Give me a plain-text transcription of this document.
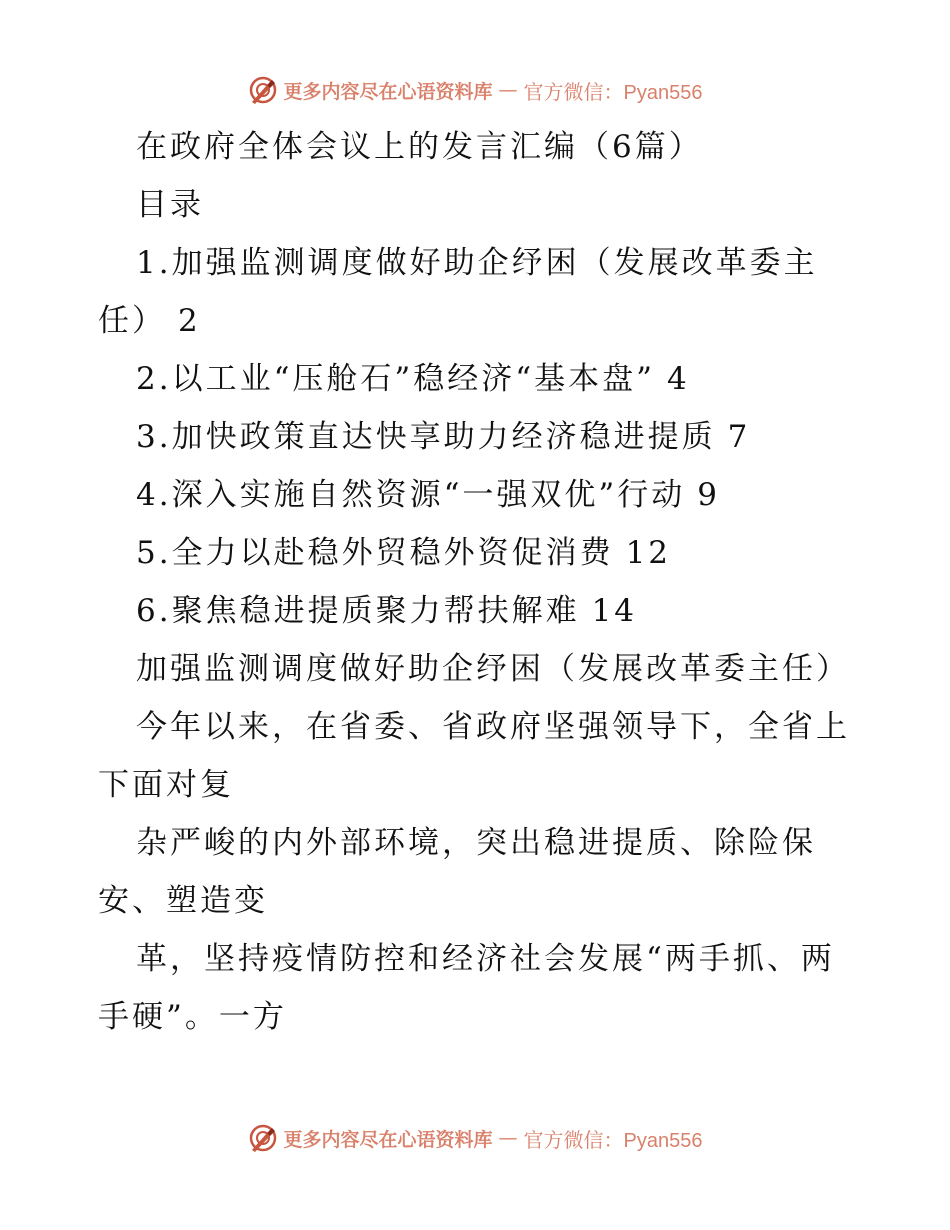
更多内容尽在心语资料库 — 官方微信：Pyan556
在政府全体会议上的发言汇编（6篇）
目录
1.加强监测调度做好助企纾困（发展改革委主
任） 2
2.以工业“压舱石”稳经济“基本盘” 4
3.加快政策直达快享助力经济稳进提质 7
4.深入实施自然资源“一强双优”行动 9
5.全力以赴稳外贸稳外资促消费 12
6.聚焦稳进提质聚力帮扶解难 14
加强监测调度做好助企纾困（发展改革委主任）
今年以来，在省委、省政府坚强领导下，全省上
下面对复
杂严峻的内外部环境，突出稳进提质、除险保
安、塑造变
革，坚持疫情防控和经济社会发展“两手抓、两
手硬”。一方
更多内容尽在心语资料库 — 官方微信：Pyan556
